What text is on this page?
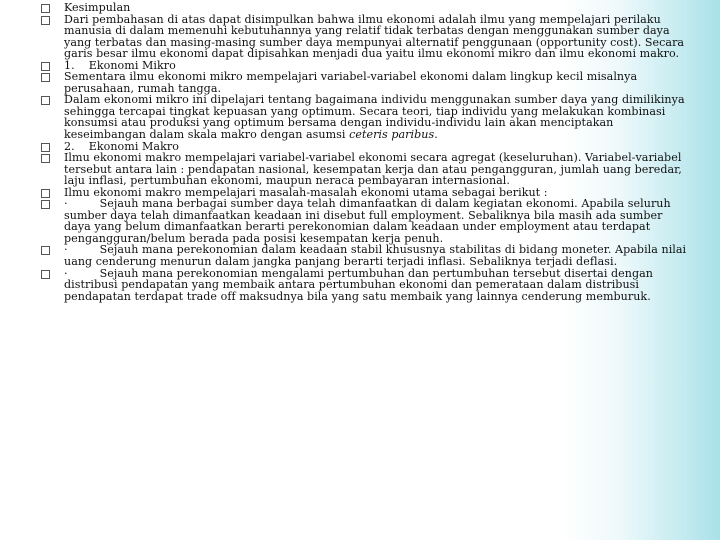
Kesimpulan
Dari pembahasan di atas dapat disimpulkan bahwa ilmu ekonomi adalah ilmu yang mempelajari perilaku manusia di dalam memenuhi kebutuhannya yang relatif tidak terbatas dengan menggunakan sumber daya yang terbatas dan masing-masing sumber daya mempunyai alternatif penggunaan (opportunity cost). Secara garis besar ilmu ekonomi dapat dipisahkan menjadi dua yaitu ilmu ekonomi mikro dan ilmu ekonomi makro.
1. Ekonomi Mikro
Sementara ilmu ekonomi mikro mempelajari variabel-variabel ekonomi dalam lingkup kecil misalnya perusahaan, rumah tangga.
Dalam ekonomi mikro ini dipelajari tentang bagaimana individu menggunakan sumber daya yang dimilikinya sehingga tercapai tingkat kepuasan yang optimum. Secara teori, tiap individu yang melakukan kombinasi konsumsi atau produksi yang optimum bersama dengan individu-individu lain akan menciptakan keseimbangan dalam skala makro dengan asumsi ceteris paribus.
2. Ekonomi Makro
Ilmu ekonomi makro mempelajari variabel-variabel ekonomi secara agregat (keseluruhan). Variabel-variabel tersebut antara lain : pendapatan nasional, kesempatan kerja dan atau pengangguran, jumlah uang beredar, laju inflasi, pertumbuhan ekonomi, maupun neraca pembayaran internasional.
Ilmu ekonomi makro mempelajari masalah-masalah ekonomi utama sebagai berikut :
·	Sejauh mana berbagai sumber daya telah dimanfaatkan di dalam kegiatan ekonomi. Apabila seluruh sumber daya telah dimanfaatkan keadaan ini disebut full employment. Sebaliknya bila masih ada sumber daya yang belum dimanfaatkan berarti perekonomian dalam keadaan under employment atau terdapat pengangguran/belum berada pada posisi kesempatan kerja penuh.
·	Sejauh mana perekonomian dalam keadaan stabil khususnya stabilitas di bidang moneter. Apabila nilai uang cenderung menurun dalam jangka panjang berarti terjadi inflasi. Sebaliknya terjadi deflasi.
·	Sejauh mana perekonomian mengalami pertumbuhan dan pertumbuhan tersebut disertai dengan distribusi pendapatan yang membaik antara pertumbuhan ekonomi dan pemerataan dalam distribusi pendapatan terdapat trade off maksudnya bila yang satu membaik yang lainnya cenderung memburuk.
